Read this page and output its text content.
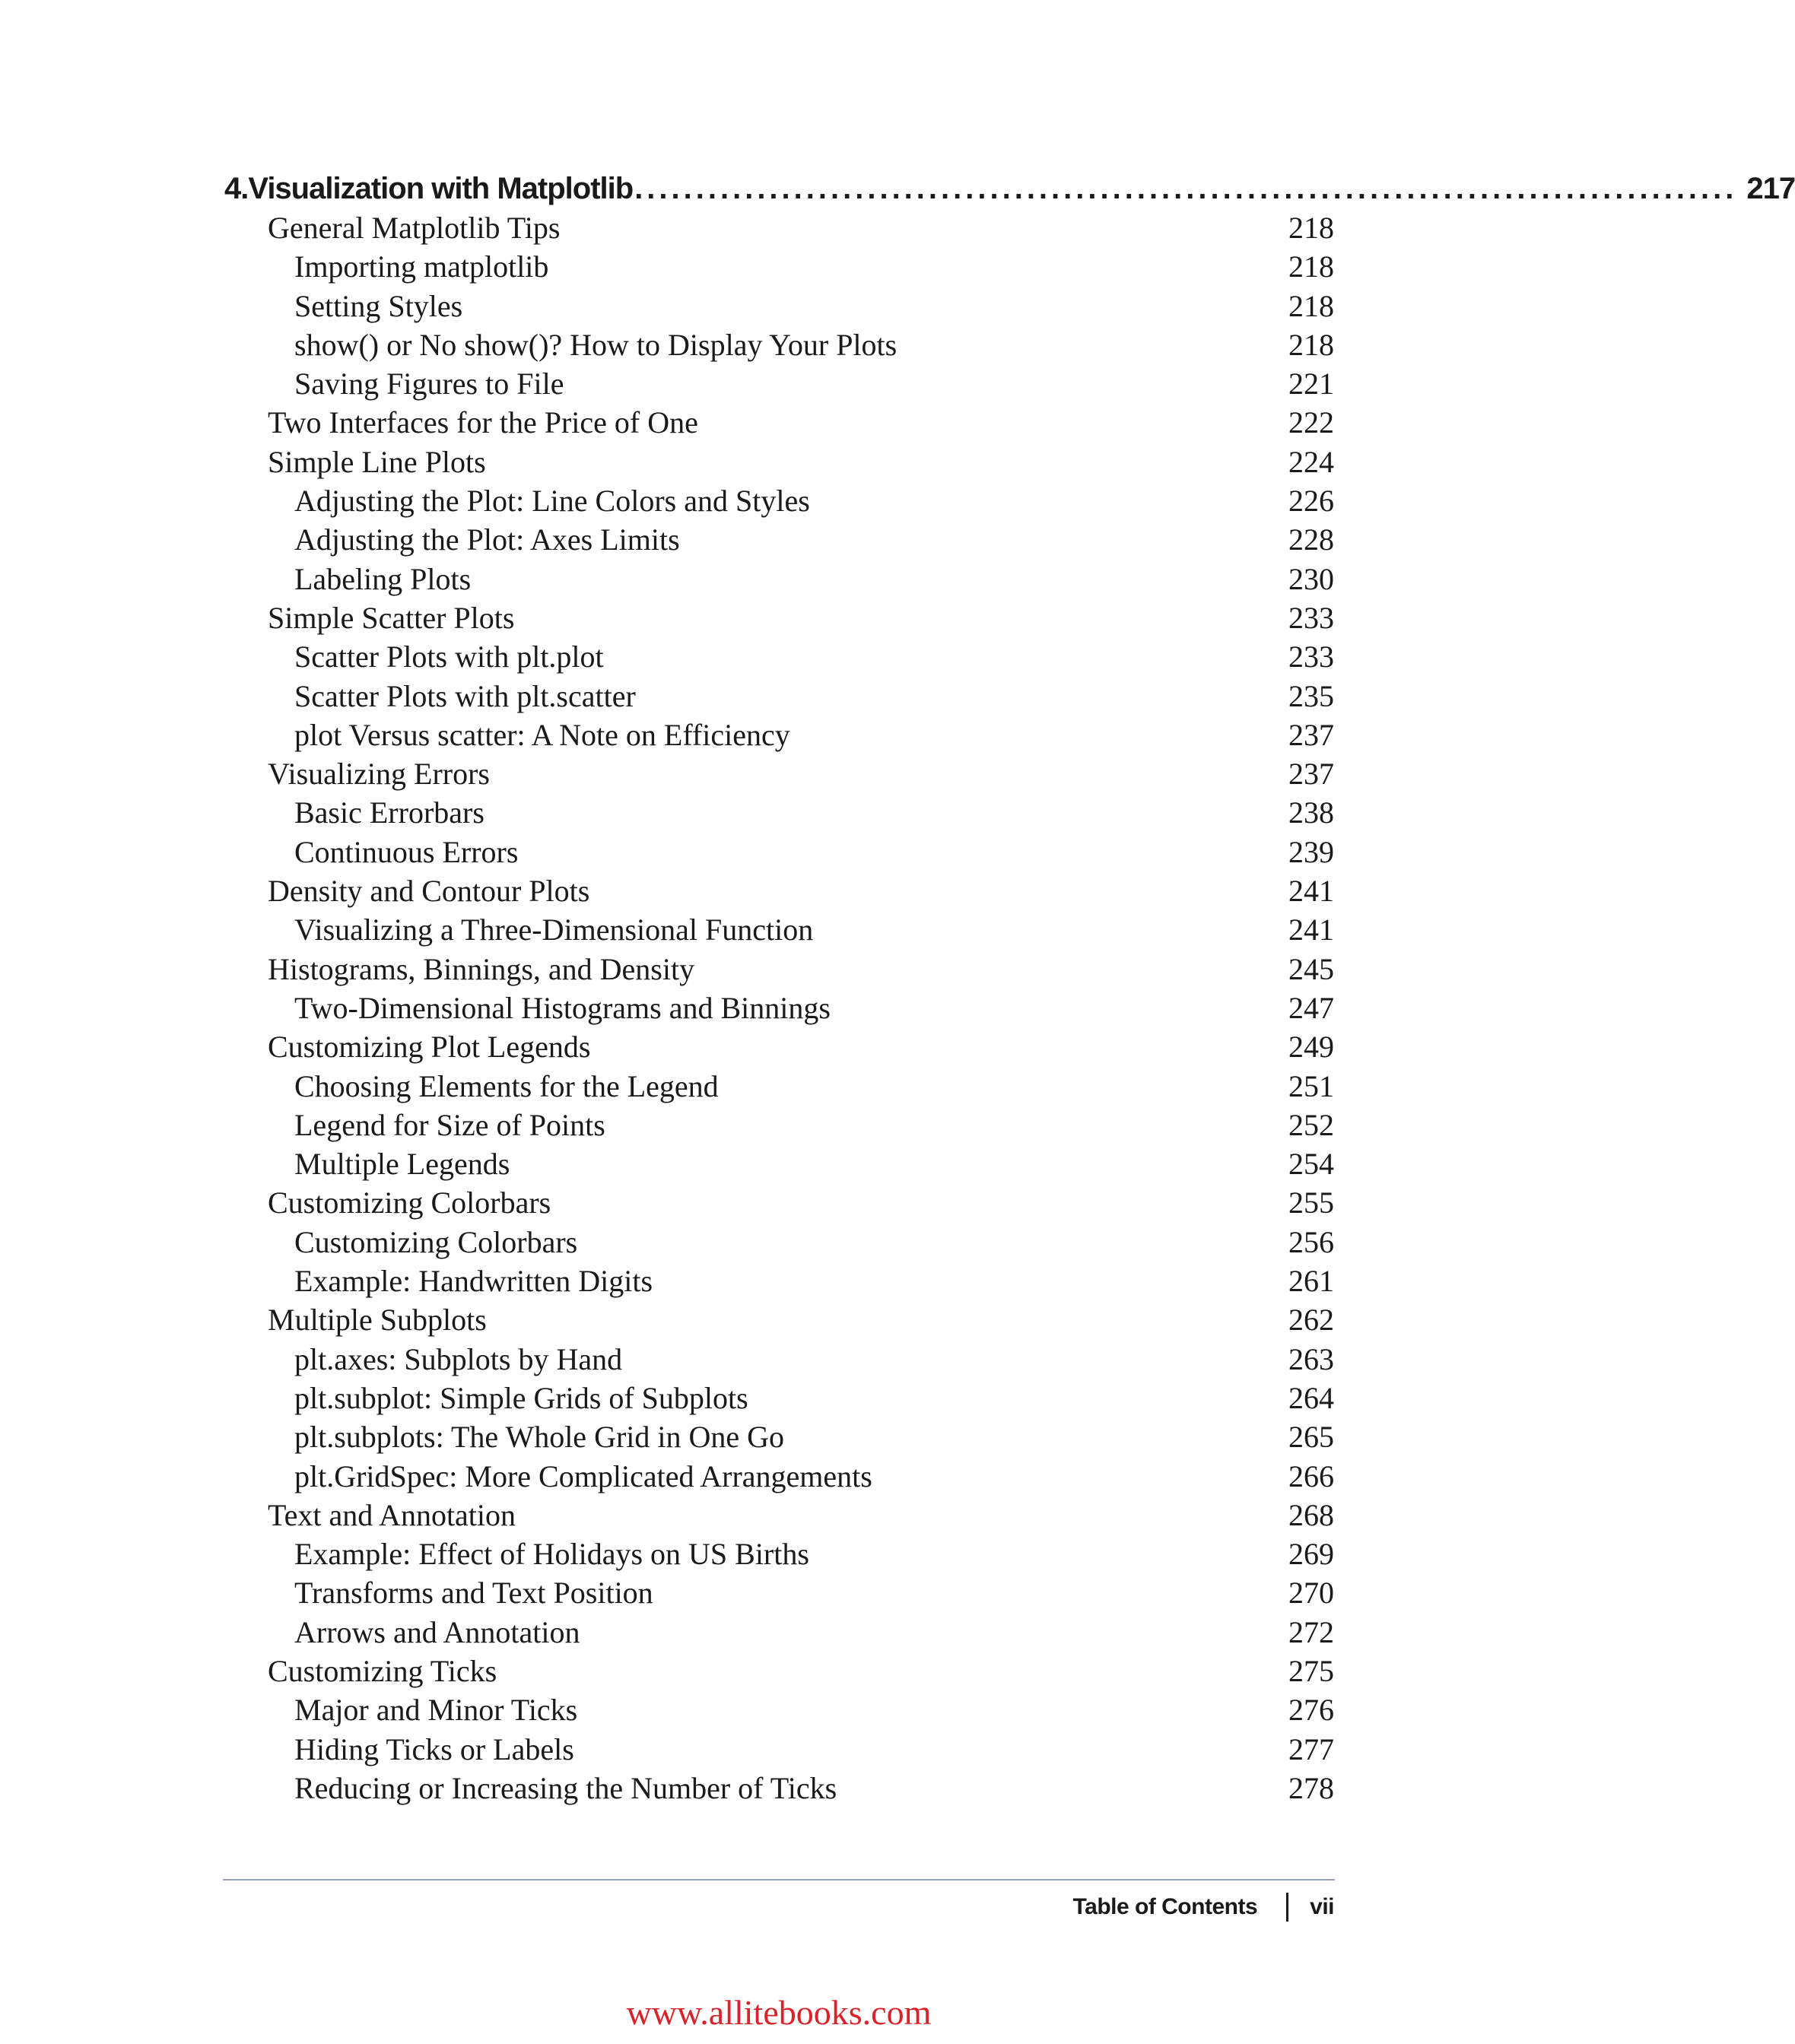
4. Visualization with Matplotlib .......................................................................................... 217
General Matplotlib Tips	218
Importing matplotlib	218
Setting Styles	218
show() or No show()? How to Display Your Plots	218
Saving Figures to File	221
Two Interfaces for the Price of One	222
Simple Line Plots	224
Adjusting the Plot: Line Colors and Styles	226
Adjusting the Plot: Axes Limits	228
Labeling Plots	230
Simple Scatter Plots	233
Scatter Plots with plt.plot	233
Scatter Plots with plt.scatter	235
plot Versus scatter: A Note on Efficiency	237
Visualizing Errors	237
Basic Errorbars	238
Continuous Errors	239
Density and Contour Plots	241
Visualizing a Three-Dimensional Function	241
Histograms, Binnings, and Density	245
Two-Dimensional Histograms and Binnings	247
Customizing Plot Legends	249
Choosing Elements for the Legend	251
Legend for Size of Points	252
Multiple Legends	254
Customizing Colorbars	255
Customizing Colorbars	256
Example: Handwritten Digits	261
Multiple Subplots	262
plt.axes: Subplots by Hand	263
plt.subplot: Simple Grids of Subplots	264
plt.subplots: The Whole Grid in One Go	265
plt.GridSpec: More Complicated Arrangements	266
Text and Annotation	268
Example: Effect of Holidays on US Births	269
Transforms and Text Position	270
Arrows and Annotation	272
Customizing Ticks	275
Major and Minor Ticks	276
Hiding Ticks or Labels	277
Reducing or Increasing the Number of Ticks	278
Table of Contents vii
www.allitebooks.com
